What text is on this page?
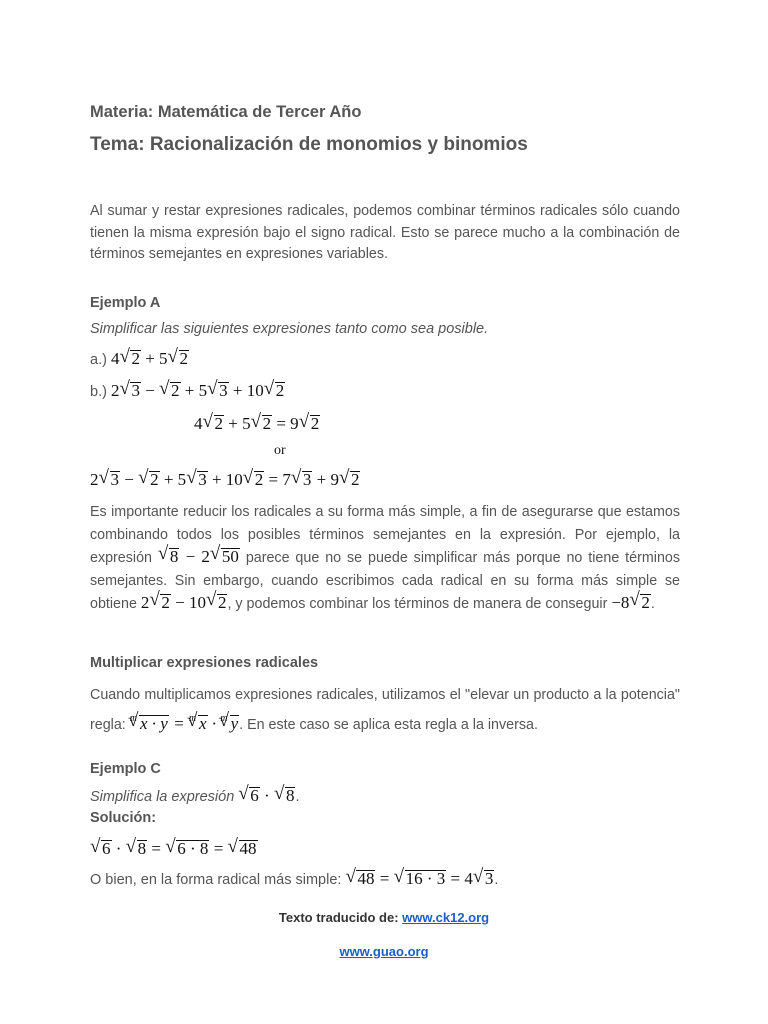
Materia: Matemática de Tercer Año
Tema: Racionalización de monomios y binomios
Al sumar y restar expresiones radicales, podemos combinar términos radicales sólo cuando tienen la misma expresión bajo el signo radical. Esto se parece mucho a la combinación de términos semejantes en expresiones variables.
Ejemplo A
Simplificar las siguientes expresiones tanto como sea posible.
a.) 4 √ 2 + 5 √ 2
b.) 2 √ 3 − √ 2 + 5 √ 3 + 10 √ 2
4 √ 2 + 5 √ 2 = 9 √ 2
or
2 √ 3 − √ 2 + 5 √ 3 + 10 √ 2 = 7 √ 3 + 9 √ 2
Es importante reducir los radicales a su forma más simple, a fin de asegurarse que estamos combinando todos los posibles términos semejantes en la expresión. Por ejemplo, la expresión √ 8 − 2 √ 50 parece que no se puede simplificar más porque no tiene términos semejantes. Sin embargo, cuando escribimos cada radical en su forma más simple se obtiene 2 √ 2 − 10 √ 2, y podemos combinar los términos de manera de conseguir −8 √ 2.
Multiplicar expresiones radicales
Cuando multiplicamos expresiones radicales, utilizamos el "elevar un producto a la potencia" regla: $^m$ √ x · y = $^m$ √ x · $^m$ √ y. En este caso se aplica esta regla a la inversa.
Ejemplo C
Simplifica la expresión √ 6 · √ 8.
Solución:
√ 6 · √ 8 = √ 6 · 8 = √ 48
O bien, en la forma radical más simple: √ 48 = √ 16 · 3 = 4 √ 3.
Texto traducido de: www.ck12.org
www.guao.org
